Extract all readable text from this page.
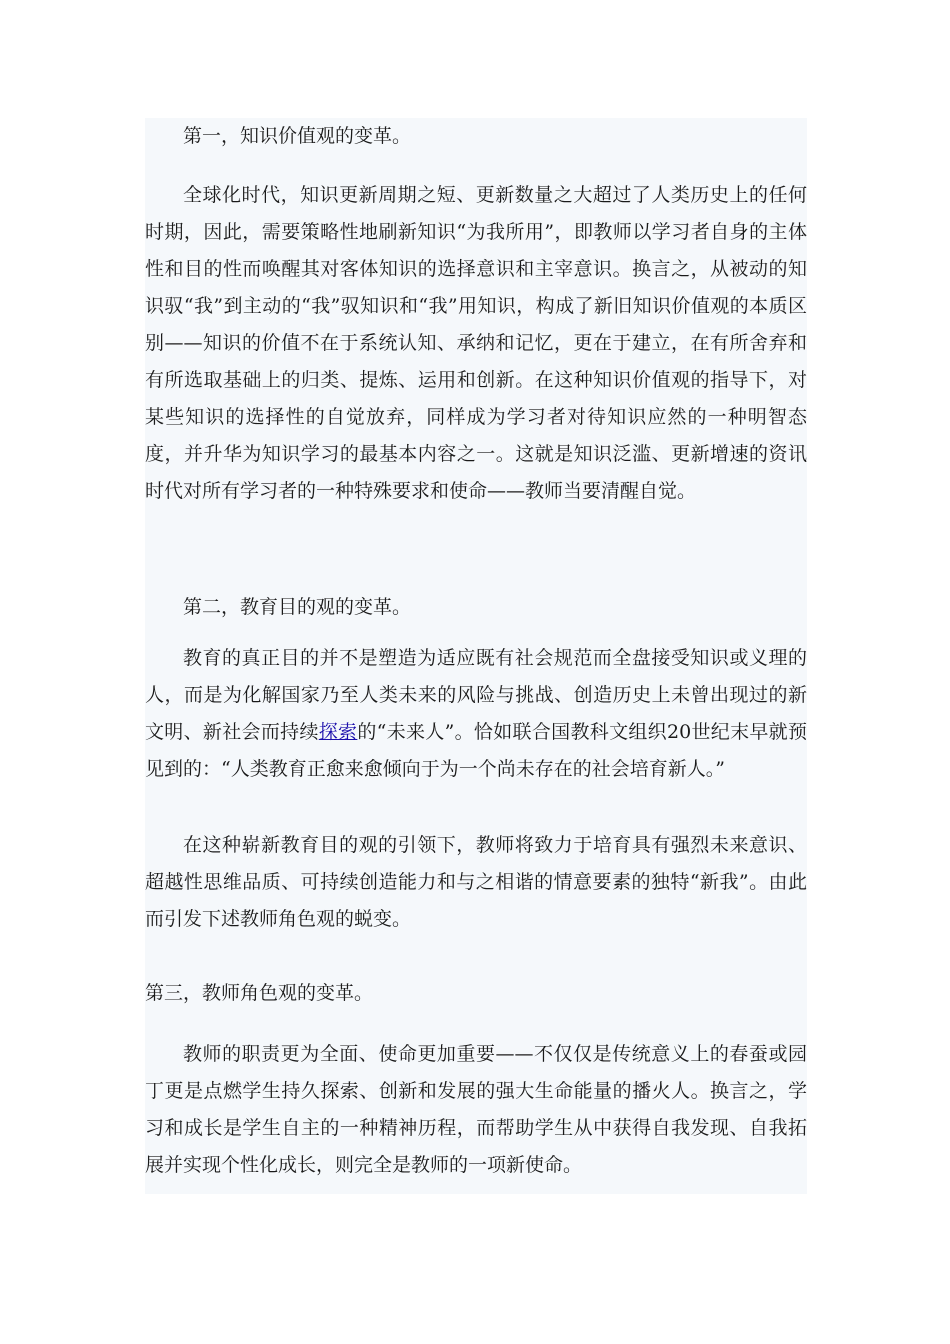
第一，知识价值观的变革。

全球化时代，知识更新周期之短、更新数量之大超过了人类历史上的任何时期，因此，需要策略性地刷新知识“为我所用”，即教师以学习者自身的主体性和目的性而唤醒其对客体知识的选择意识和主宰意识。换言之，从被动的知识驭“我”到主动的“我”驭知识和“我”用知识，构成了新旧知识价值观的本质区别——知识的价值不在于系统认知、承纳和记忆，更在于建立，在有所舍弃和有所选取基础上的归类、提炼、运用和创新。在这种知识价值观的指导下，对某些知识的选择性的自觉放弃，同样成为学习者对待知识应然的一种明智态度，并升华为知识学习的最基本内容之一。这就是知识泛滥、更新增速的资讯时代对所有学习者的一种特殊要求和使命——教师当要清醒自觉。

第二，教育目的观的变革。

教育的真正目的并不是塑造为适应既有社会规范而全盘接受知识或义理的人，而是为化解国家乃至人类未来的风险与挑战、创造历史上未曾出现过的新文明、新社会而持续探索的“未来人”。恰如联合国教科文组织20世纪末早就预见到的：“人类教育正愈来愈倾向于为一个尚未存在的社会培育新人。”

在这种崭新教育目的观的引领下，教师将致力于培育具有强烈未来意识、超越性思维品质、可持续创造能力和与之相谐的情意要素的独特“新我”。由此而引发下述教师角色观的蜕变。

第三，教师角色观的变革。

教师的职责更为全面、使命更加重要——不仅仅是传统意义上的春蚕或园丁更是点燃学生持久探索、创新和发展的强大生命能量的播火人。换言之，学习和成长是学生自主的一种精神历程，而帮助学生从中获得自我发现、自我拓展并实现个性化成长，则完全是教师的一项新使命。
